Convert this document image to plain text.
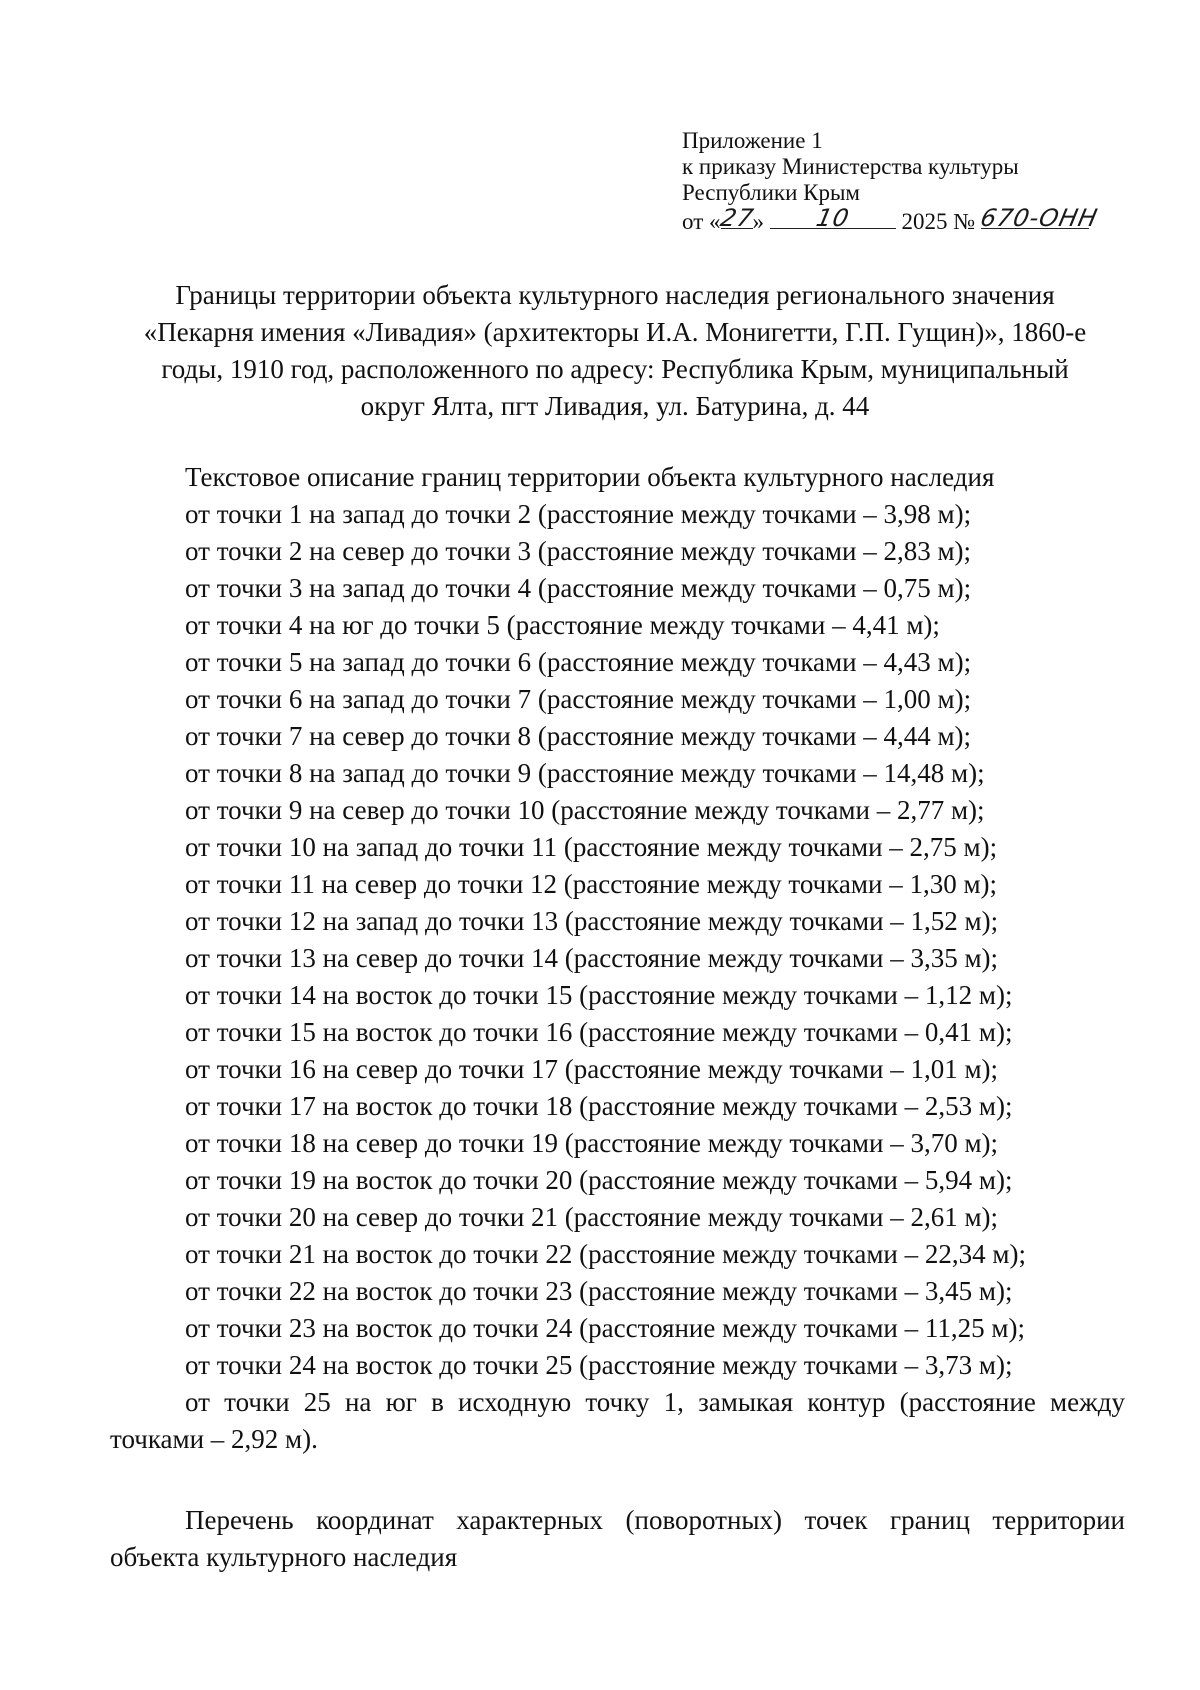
Приложение 1
к приказу Министерства культуры
Республики Крым
от «
27
»	10	2025 № 670-ОНН

Границы территории объекта культурного наследия регионального значения

«Пекарня имения «Ливадия» (архитекторы И.А. Монигетти, Г.П. Гущин)», 1860-е

годы, 1910 год, расположенного по адресу: Республика Крым, муниципальный

округ Ялта, пгт Ливадия, ул. Батурина, д. 44

Текстовое описание границ территории объекта культурного наследия
от точки 1 на запад до точки 2 (расстояние между точками – 3,98 м);
от точки 2 на север до точки 3 (расстояние между точками – 2,83 м);
от точки 3 на запад до точки 4 (расстояние между точками – 0,75 м);
от точки 4 на юг до точки 5 (расстояние между точками – 4,41 м);
от точки 5 на запад до точки 6 (расстояние между точками – 4,43 м);
от точки 6 на запад до точки 7 (расстояние между точками – 1,00 м);
от точки 7 на север до точки 8 (расстояние между точками – 4,44 м);
от точки 8 на запад до точки 9 (расстояние между точками – 14,48 м);
от точки 9 на север до точки 10 (расстояние между точками – 2,77 м);
от точки 10 на запад до точки 11 (расстояние между точками – 2,75 м);
от точки 11 на север до точки 12 (расстояние между точками – 1,30 м);
от точки 12 на запад до точки 13 (расстояние между точками – 1,52 м);
от точки 13 на север до точки 14 (расстояние между точками – 3,35 м);
от точки 14 на восток до точки 15 (расстояние между точками – 1,12 м);
от точки 15 на восток до точки 16 (расстояние между точками – 0,41 м);
от точки 16 на север до точки 17 (расстояние между точками – 1,01 м);
от точки 17 на восток до точки 18 (расстояние между точками – 2,53 м);
от точки 18 на север до точки 19 (расстояние между точками – 3,70 м);
от точки 19 на восток до точки 20 (расстояние между точками – 5,94 м);
от точки 20 на север до точки 21 (расстояние между точками – 2,61 м);
от точки 21 на восток до точки 22 (расстояние между точками – 22,34 м);
от точки 22 на восток до точки 23 (расстояние между точками – 3,45 м);
от точки 23 на восток до точки 24 (расстояние между точками – 11,25 м);
от точки 24 на восток до точки 25 (расстояние между точками – 3,73 м);
от точки 25 на юг в исходную точку 1, замыкая контур (расстояние между
точками – 2,92 м).
Перечень координат характерных (поворотных) точек границ территории
объекта культурного наследия
